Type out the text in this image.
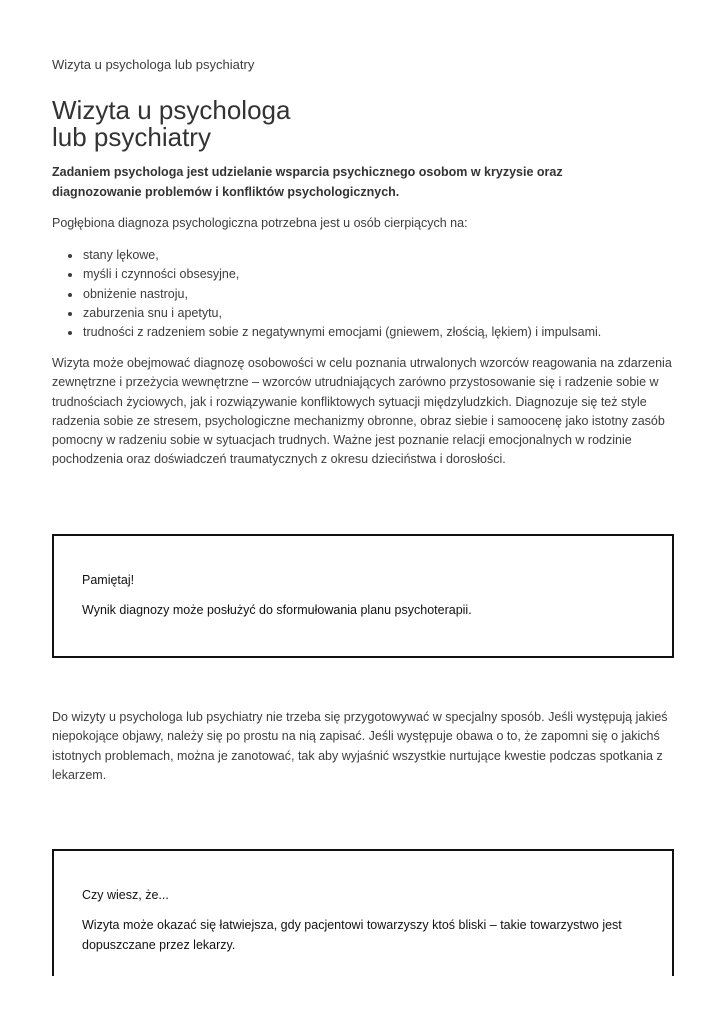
Wizyta u psychologa lub psychiatry
Wizyta u psychologa
lub psychiatry

Zadaniem psychologa jest udzielanie wsparcia psychicznego osobom w kryzysie oraz diagnozowanie problemów i konfliktów psychologicznych.

Pogłębiona diagnoza psychologiczna potrzebna jest u osób cierpiących na:

• stany lękowe,
• myśli i czynności obsesyjne,
• obniżenie nastroju,
• zaburzenia snu i apetytu,
• trudności z radzeniem sobie z negatywnymi emocjami (gniewem, złością, lękiem) i impulsami.

Wizyta może obejmować diagnozę osobowości w celu poznania utrwalonych wzorców reagowania na zdarzenia zewnętrzne i przeżycia wewnętrzne – wzorców utrudniających zarówno przystosowanie się i radzenie sobie w trudnościach życiowych, jak i rozwiązywanie konfliktowych sytuacji międzyludzkich. Diagnozuje się też style radzenia sobie ze stresem, psychologiczne mechanizmy obronne, obraz siebie i samoocenę jako istotny zasób pomocny w radzeniu sobie w sytuacjach trudnych. Ważne jest poznanie relacji emocjonalnych w rodzinie pochodzenia oraz doświadczeń traumatycznych z okresu dzieciństwa i dorosłości.

Pamiętaj!

Wynik diagnozy może posłużyć do sformułowania planu psychoterapii.

Do wizyty u psychologa lub psychiatry nie trzeba się przygotowywać w specjalny sposób. Jeśli występują jakieś niepokojące objawy, należy się po prostu na nią zapisać. Jeśli występuje obawa o to, że zapomni się o jakichś istotnych problemach, można je zanotować, tak aby wyjaśnić wszystkie nurtujące kwestie podczas spotkania z lekarzem.

Czy wiesz, że...

Wizyta może okazać się łatwiejsza, gdy pacjentowi towarzyszy ktoś bliski – takie towarzystwo jest dopuszczane przez lekarzy.
